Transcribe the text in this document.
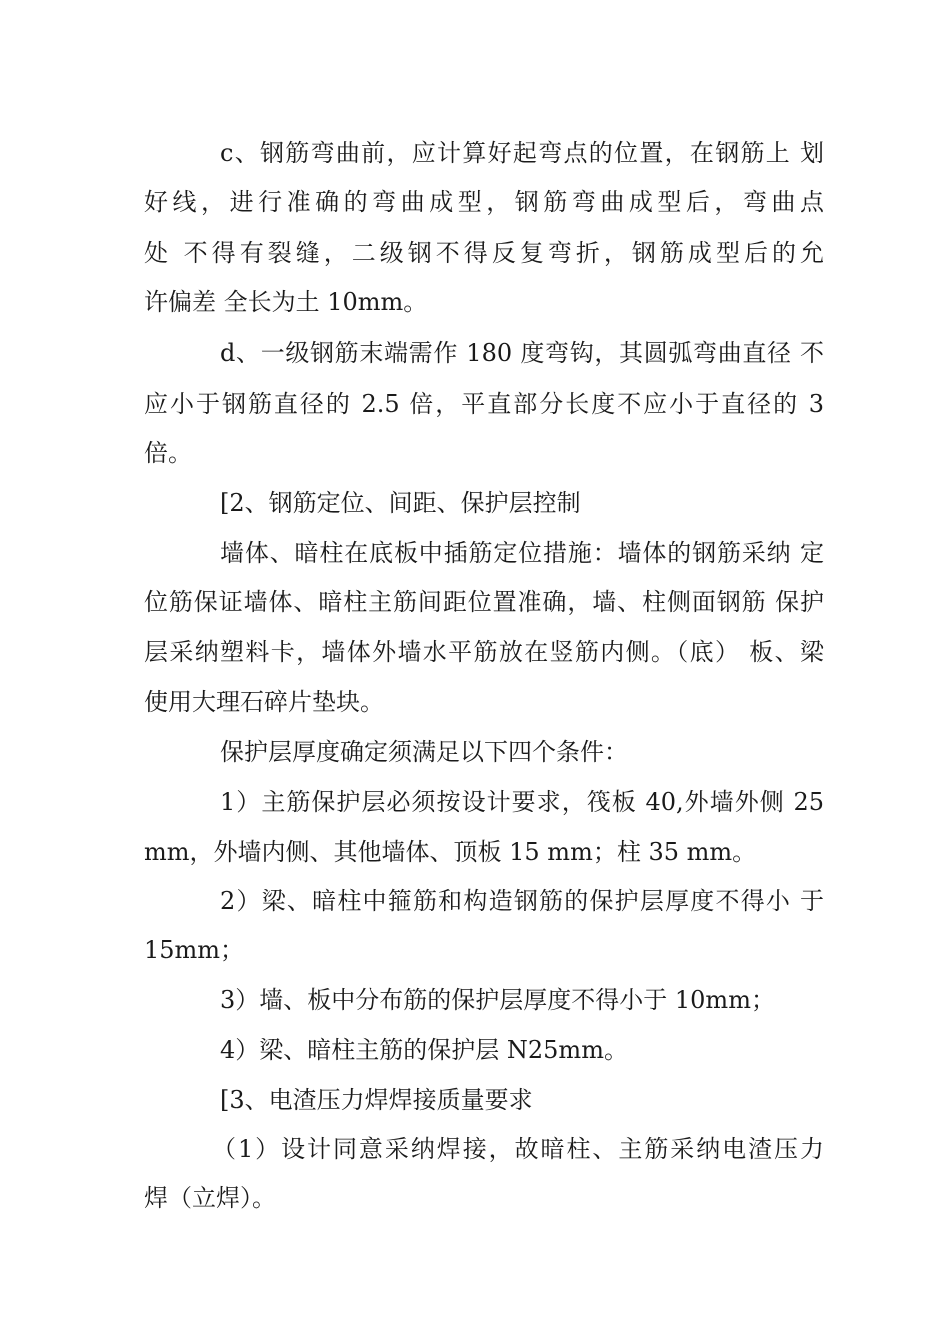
c、钢筋弯曲前，应计算好起弯点的位置，在钢筋上 划
好线，进行准确的弯曲成型，钢筋弯曲成型后，弯曲点
处 不得有裂缝，二级钢不得反复弯折，钢筋成型后的允
许偏差 全长为土 10mm。
d、一级钢筋末端需作 180 度弯钩，其圆弧弯曲直径 不
应小于钢筋直径的 2.5 倍，平直部分长度不应小于直径的 3
倍。
[2、钢筋定位、间距、保护层控制
墙体、暗柱在底板中插筋定位措施：墙体的钢筋采纳 定
位筋保证墙体、暗柱主筋间距位置准确，墙、柱侧面钢筋 保护
层采纳塑料卡，墙体外墙水平筋放在竖筋内侧。（底） 板、梁
使用大理石碎片垫块。
保护层厚度确定须满足以下四个条件：
1）主筋保护层必须按设计要求，筏板 40,外墙外侧 25
mm，外墙内侧、其他墙体、顶板 15 mm；柱 35 mm。
2）梁、暗柱中箍筋和构造钢筋的保护层厚度不得小 于
15mm；
3）墙、板中分布筋的保护层厚度不得小于 10mm；
4）梁、暗柱主筋的保护层 N25mm。
[3、电渣压力焊焊接质量要求
（1）设计同意采纳焊接，故暗柱、主筋采纳电渣压力
焊（立焊）。
